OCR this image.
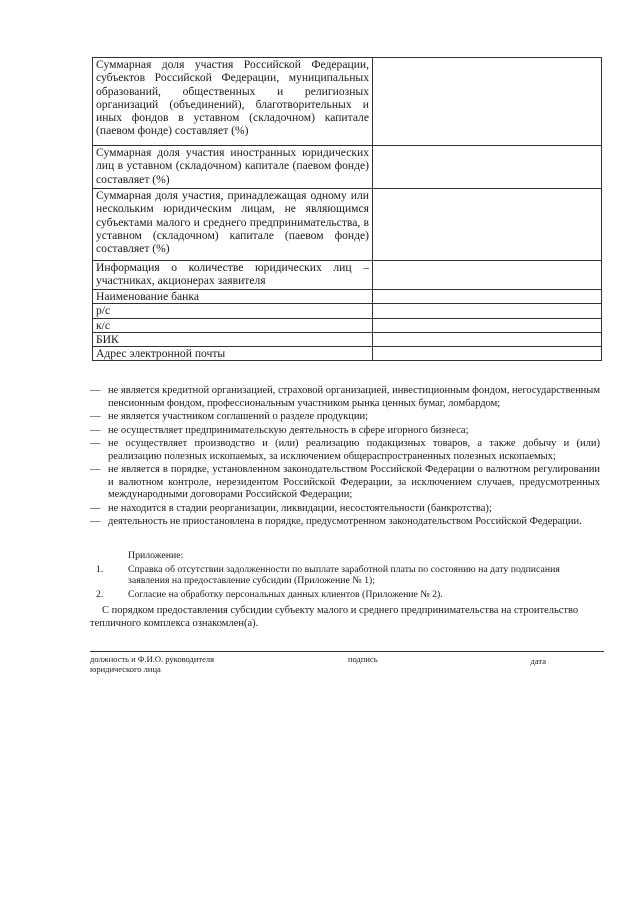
Суммарная доля участия Российской Федерации, субъектов Российской Федерации, муниципальных образований, общественных и религиозных организаций (объединений), благотворительных и иных фондов в уставном (складочном) капитале (паевом фонде) составляет (%)	
Суммарная доля участия иностранных юридических лиц в уставном (складочном) капитале (паевом фонде) составляет (%)	
Суммарная доля участия, принадлежащая одному или нескольким юридическим лицам, не являющимся субъектами малого и среднего предпринимательства, в уставном (складочном) капитале (паевом фонде) составляет (%)	
Информация о количестве юридических лиц – участниках, акционерах заявителя	
Наименование банка	
р/с	
к/с	
БИК	
Адрес электронной почты	
— не является кредитной организацией, страховой организацией, инвестиционным фондом, негосударственным пенсионным фондом, профессиональным участником рынка ценных бумаг, ломбардом;
— не является участником соглашений о разделе продукции;
— не осуществляет предпринимательскую деятельность в сфере игорного бизнеса;
— не осуществляет производство и (или) реализацию подакцизных товаров, а также добычу и (или) реализацию полезных ископаемых, за исключением общераспространенных полезных ископаемых;
— не является в порядке, установленном законодательством Российской Федерации о валютном регулировании и валютном контроле, нерезидентом Российской Федерации, за исключением случаев, предусмотренных международными договорами Российской Федерации;
— не находится в стадии реорганизации, ликвидации, несостоятельности (банкротства);
— деятельность не приостановлена в порядке, предусмотренном законодательством Российской Федерации.
Приложение:
1.	Справка об отсутствии задолженности по выплате заработной платы по состоянию на дату подписания заявления на предоставление субсидии (Приложение № 1);
2.	Согласие на обработку персональных данных клиентов (Приложение № 2).
С порядком предоставления субсидии субъекту малого и среднего предпринимательства на строительство тепличного комплекса ознакомлен(а).
должность и Ф.И.О. руководителя юридического лица
подпись	дата
